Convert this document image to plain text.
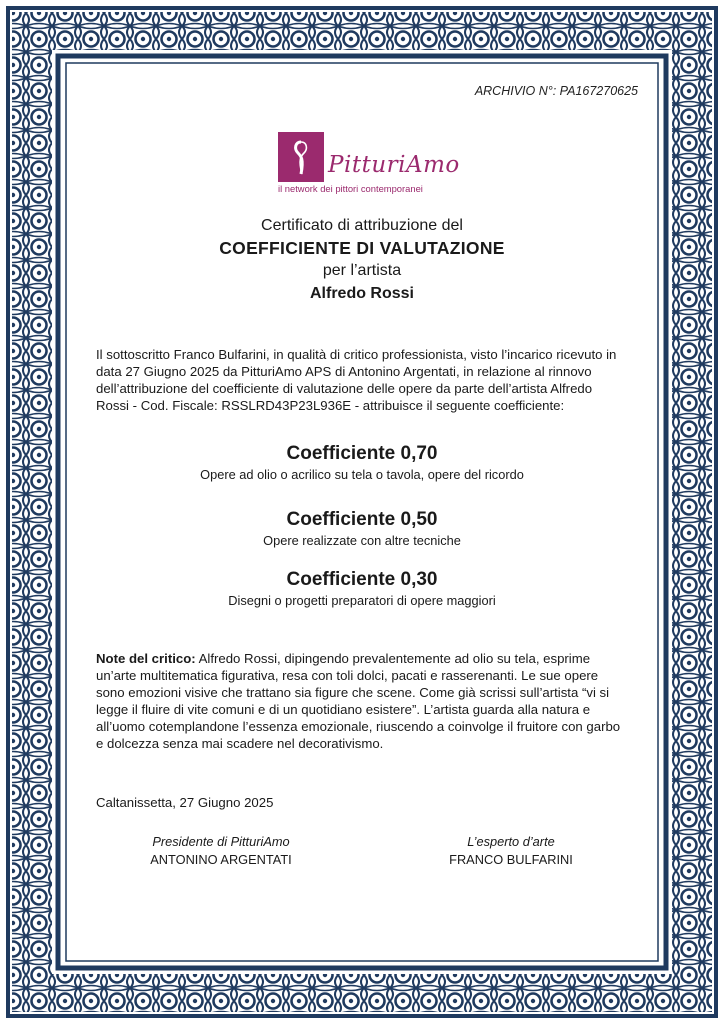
ARCHIVIO N°: PA167270625
PitturiAmo
il network dei pittori contemporanei
Certificato di attribuzione del
COEFFICIENTE DI VALUTAZIONE
per l’artista
Alfredo Rossi
Il sottoscritto Franco Bulfarini, in qualità di critico professionista, visto l’incarico ricevuto in data 27 Giugno 2025 da PitturiAmo APS di Antonino Argentati, in relazione al rinnovo dell’attribuzione del coefficiente di valutazione delle opere da parte dell’artista Alfredo Rossi - Cod. Fiscale: RSSLRD43P23L936E - attribuisce il seguente coefficiente:
Coefficiente 0,70
Opere ad olio o acrilico su tela o tavola, opere del ricordo
Coefficiente 0,50
Opere realizzate con altre tecniche
Coefficiente 0,30
Disegni o progetti preparatori di opere maggiori
Note del critico: Alfredo Rossi, dipingendo prevalentemente ad olio su tela, esprime un’arte multitematica figurativa, resa con toli dolci, pacati e rasserenanti. Le sue opere sono emozioni visive che trattano sia figure che scene. Come già scrissi sull’artista “vi si legge il fluire di vite comuni e di un quotidiano esistere”. L’artista guarda alla natura e all’uomo cotemplandone l’essenza emozionale, riuscendo a coinvolge il fruitore con garbo e dolcezza senza mai scadere nel decorativismo.
Caltanissetta, 27 Giugno 2025
Presidente di PitturiAmo
ANTONINO ARGENTATI
L’esperto d’arte
FRANCO BULFARINI
